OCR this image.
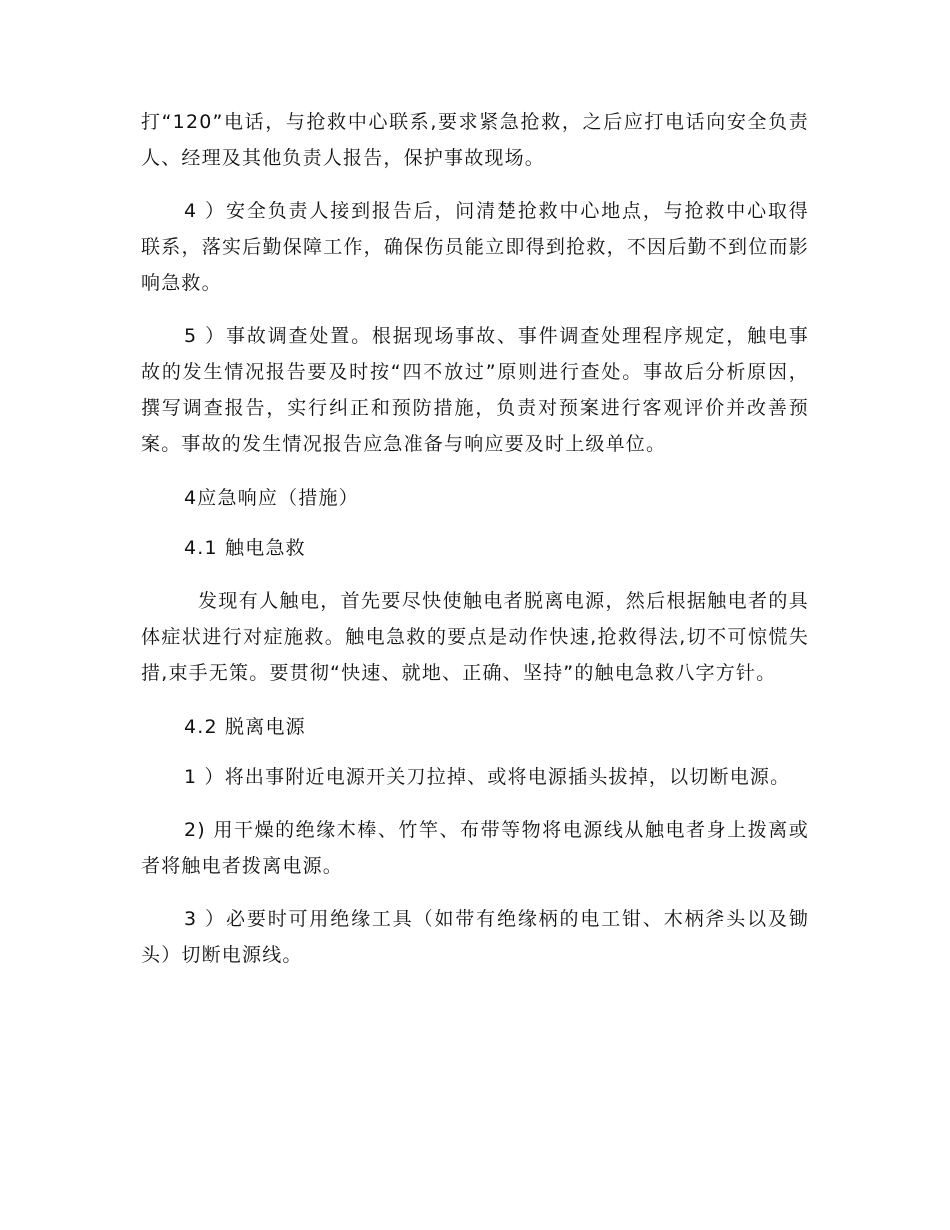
打“120”电话，与抢救中心联系,要求紧急抢救，之后应打电话向安全负责人、经理及其他负责人报告，保护事故现场。

4 ）安全负责人接到报告后，问清楚抢救中心地点，与抢救中心取得联系，落实后勤保障工作，确保伤员能立即得到抢救，不因后勤不到位而影响急救。

5 ）事故调查处置。根据现场事故、事件调查处理程序规定，触电事故的发生情况报告要及时按“四不放过”原则进行查处。事故后分析原因，撰写调查报告，实行纠正和预防措施，负责对预案进行客观评价并改善预案。事故的发生情况报告应急准备与响应要及时上级单位。

4应急响应（措施）

4.1 触电急救

发现有人触电，首先要尽快使触电者脱离电源，然后根据触电者的具体症状进行对症施救。触电急救的要点是动作快速,抢救得法,切不可惊慌失措,束手无策。要贯彻“快速、就地、正确、坚持”的触电急救八字方针。

4.2 脱离电源

1 ）将出事附近电源开关刀拉掉、或将电源插头拔掉，以切断电源。

2) 用干燥的绝缘木棒、竹竿、布带等物将电源线从触电者身上拨离或者将触电者拨离电源。

3 ）必要时可用绝缘工具（如带有绝缘柄的电工钳、木柄斧头以及锄头）切断电源线。
